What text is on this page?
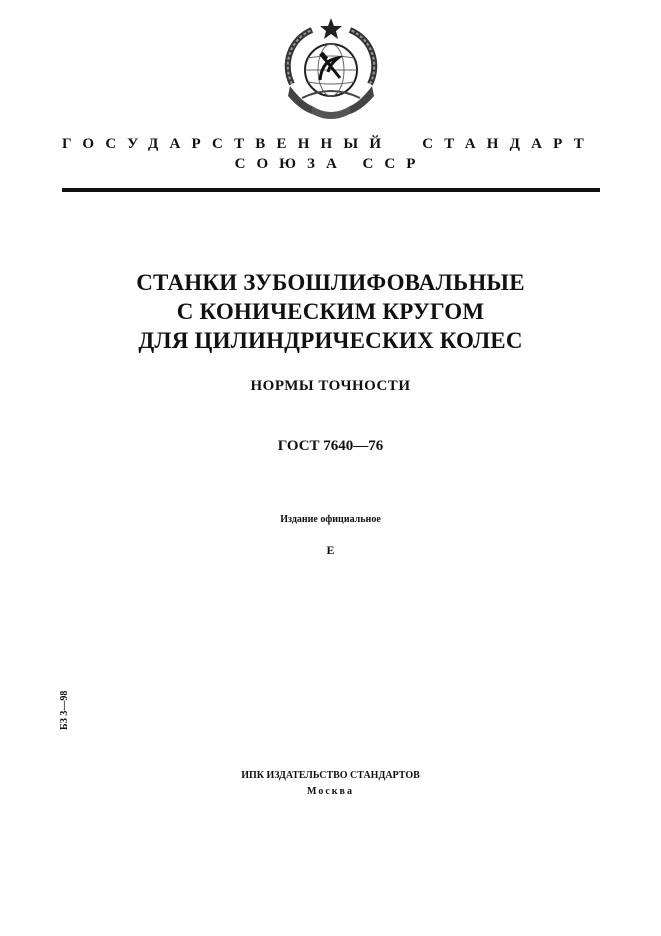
ГОСУДАРСТВЕННЫЙ СТАНДАРТ
СОЮЗА ССР
СТАНКИ ЗУБОШЛИФОВАЛЬНЫЕ
С КОНИЧЕСКИМ КРУГОМ
ДЛЯ ЦИЛИНДРИЧЕСКИХ КОЛЕС
НОРМЫ ТОЧНОСТИ
ГОСТ 7640—76
Издание официальное
Е
БЗ 3—98
ИПК ИЗДАТЕЛЬСТВО СТАНДАРТОВ
Москва
